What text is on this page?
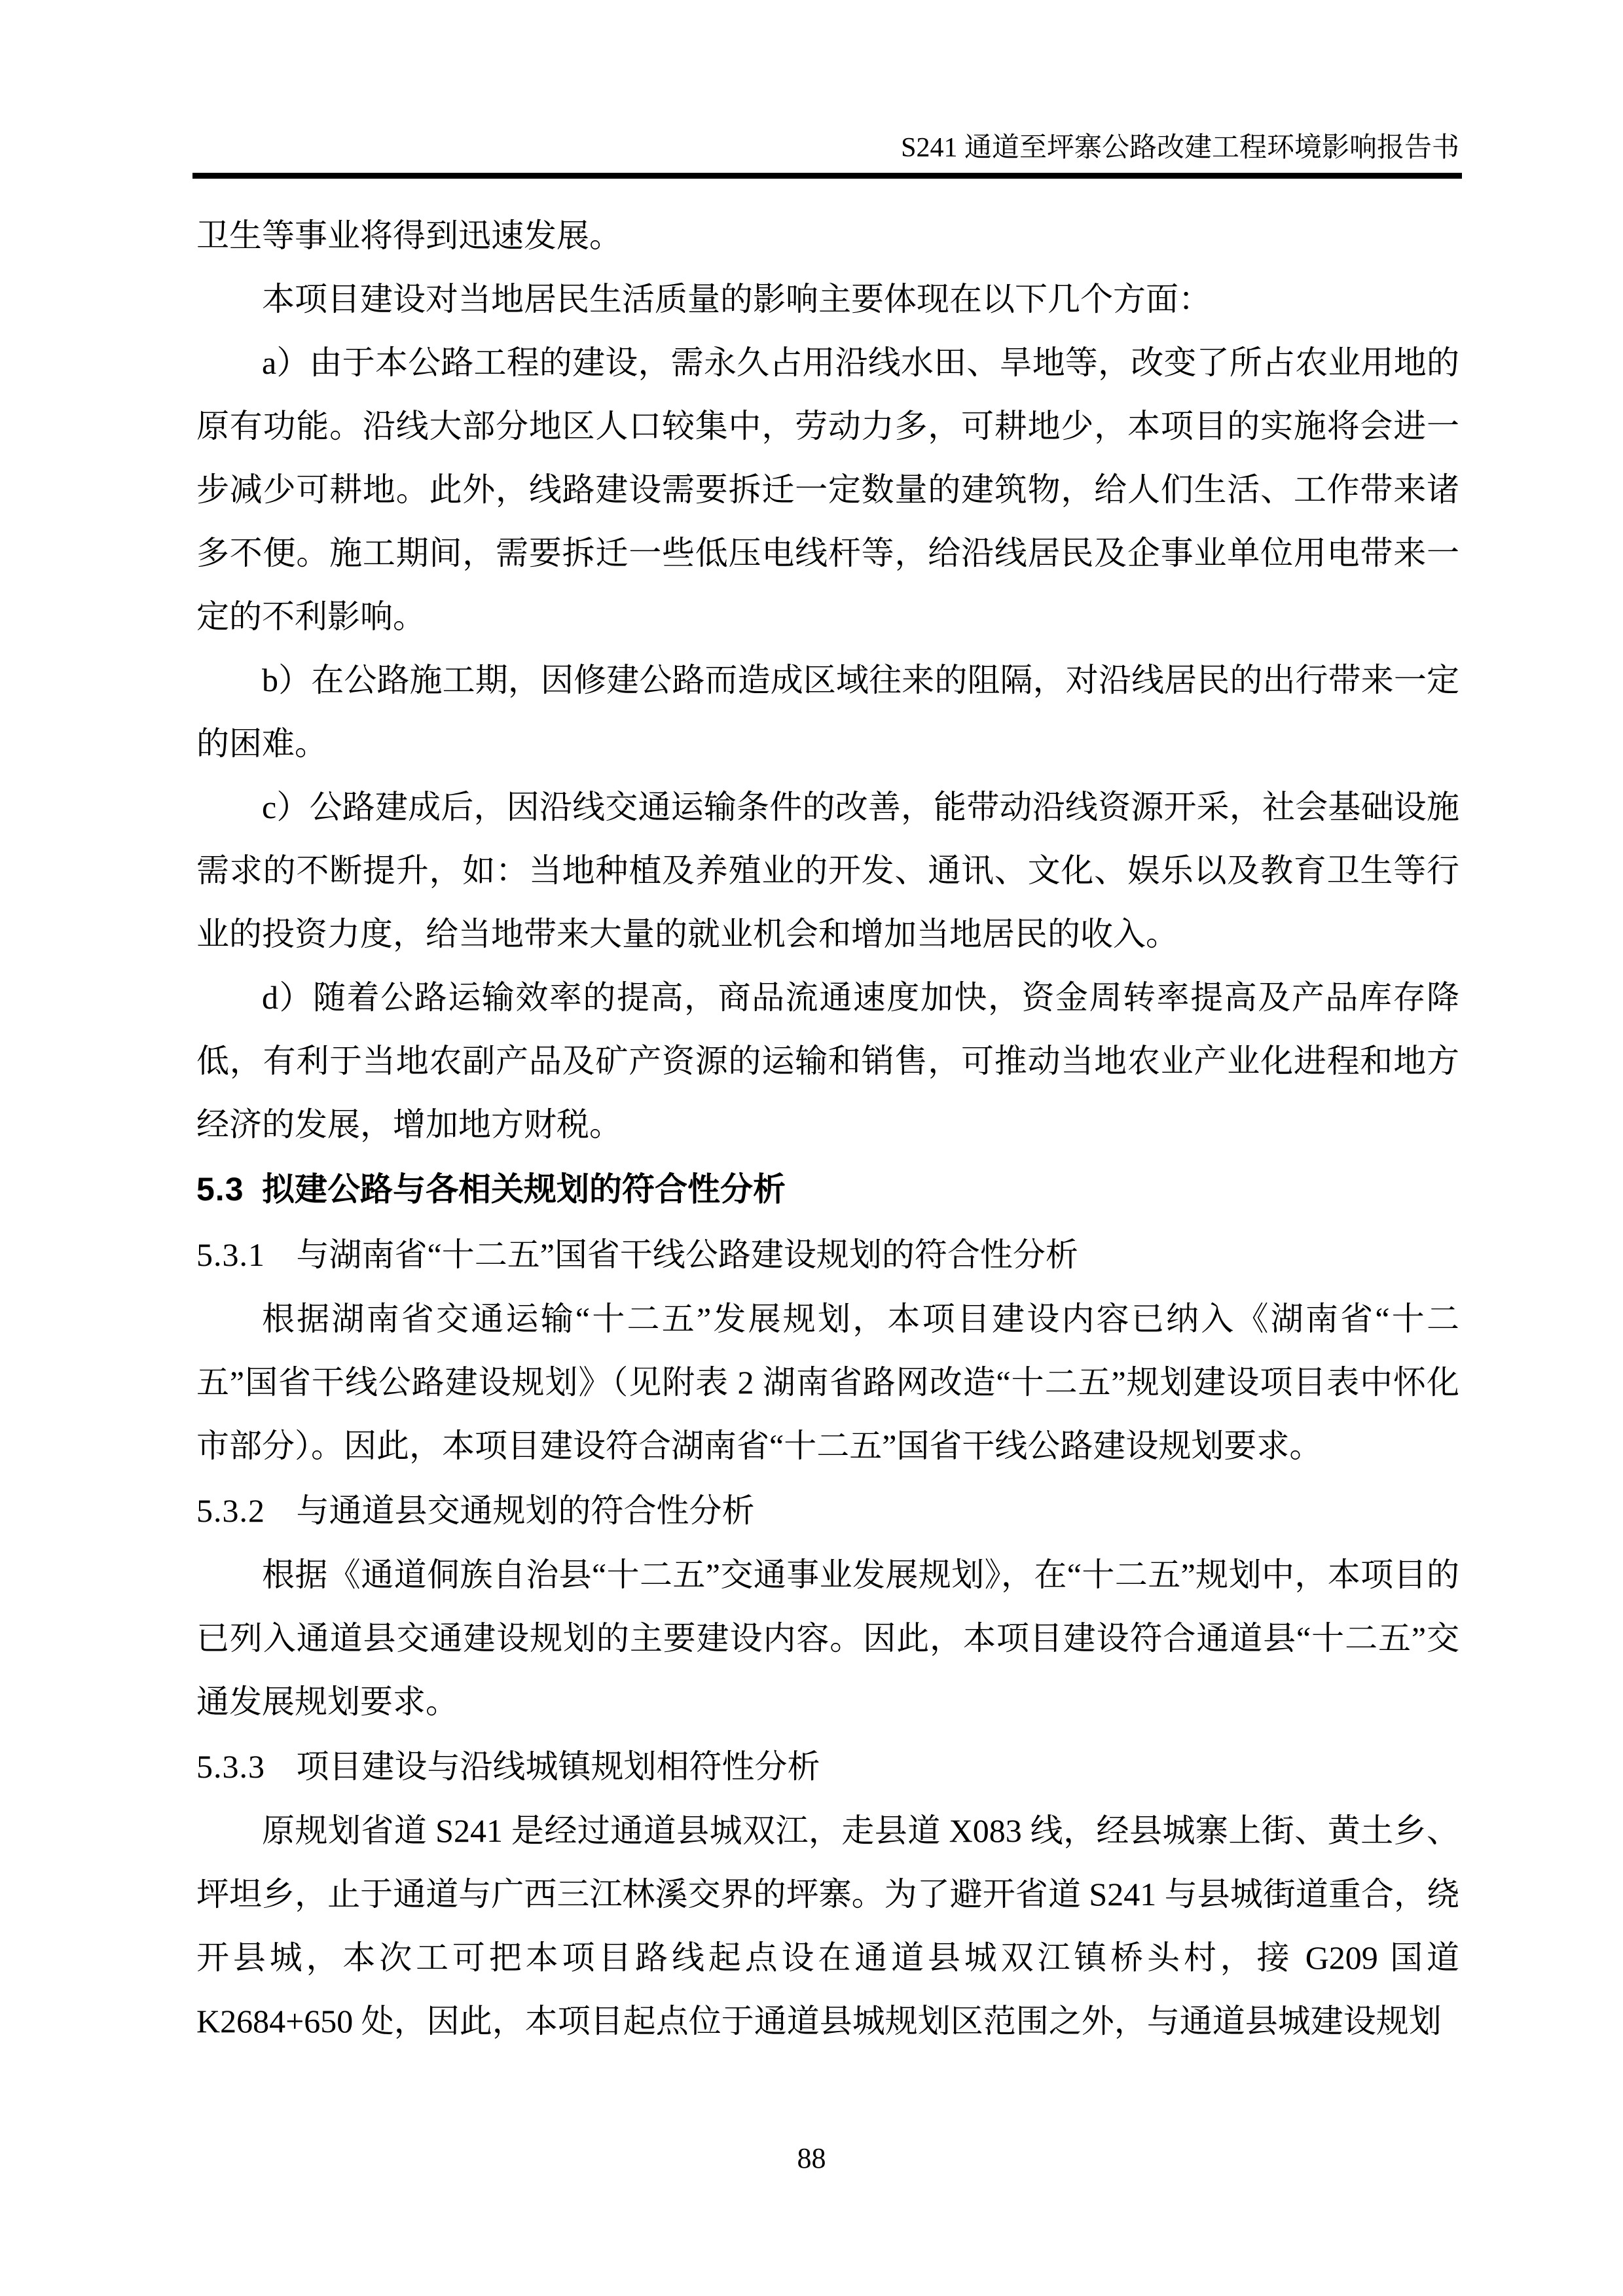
S241 通道至坪寨公路改建工程环境影响报告书

卫生等事业将得到迅速发展。

本项目建设对当地居民生活质量的影响主要体现在以下几个方面：

a）由于本公路工程的建设，需永久占用沿线水田、旱地等，改变了所占农业用地的原有功能。沿线大部分地区人口较集中，劳动力多，可耕地少，本项目的实施将会进一步减少可耕地。此外，线路建设需要拆迁一定数量的建筑物，给人们生活、工作带来诸多不便。施工期间，需要拆迁一些低压电线杆等，给沿线居民及企事业单位用电带来一定的不利影响。

b）在公路施工期，因修建公路而造成区域往来的阻隔，对沿线居民的出行带来一定的困难。

c）公路建成后，因沿线交通运输条件的改善，能带动沿线资源开采，社会基础设施需求的不断提升，如：当地种植及养殖业的开发、通讯、文化、娱乐以及教育卫生等行业的投资力度，给当地带来大量的就业机会和增加当地居民的收入。

d）随着公路运输效率的提高，商品流通速度加快，资金周转率提高及产品库存降低，有利于当地农副产品及矿产资源的运输和销售，可推动当地农业产业化进程和地方经济的发展，增加地方财税。

5.3 拟建公路与各相关规划的符合性分析

5.3.1 与湖南省“十二五”国省干线公路建设规划的符合性分析

根据湖南省交通运输“十二五”发展规划，本项目建设内容已纳入《湖南省“十二五”国省干线公路建设规划》（见附表 2 湖南省路网改造“十二五”规划建设项目表中怀化市部分）。因此，本项目建设符合湖南省“十二五”国省干线公路建设规划要求。

5.3.2 与通道县交通规划的符合性分析

根据《通道侗族自治县“十二五”交通事业发展规划》，在“十二五”规划中，本项目的已列入通道县交通建设规划的主要建设内容。因此，本项目建设符合通道县“十二五”交通发展规划要求。

5.3.3 项目建设与沿线城镇规划相符性分析

原规划省道 S241 是经过通道县城双江，走县道 X083 线，经县城寨上街、黄土乡、坪坦乡，止于通道与广西三江林溪交界的坪寨。为了避开省道 S241 与县城街道重合，绕开县城，本次工可把本项目路线起点设在通道县城双江镇桥头村，接 G209 国道 K2684+650 处，因此，本项目起点位于通道县城规划区范围之外，与通道县城建设规划

88
